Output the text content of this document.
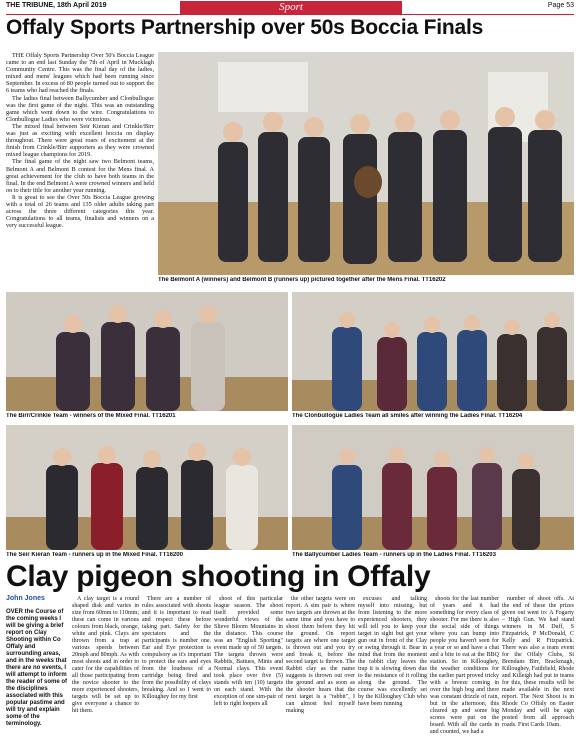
THE TRIBUNE, 18th April 2019	Sport	Page 53
Offaly Sports Partnership over 50s Boccia Finals

THE Offaly Sports Partnership Over 50's Boccia League came to an end last Sunday the 7th of April in Mucklagh Community Centre. This was the final day of the ladies, mixed and mens' leagues which had been running since September. In excess of 80 people turned out to support the 6 teams who had reached the finals.

The ladies final between Ballycumber and Clonbullogue was the first game of the night. This was an outstanding game which went down to the wire. Congratulations to Clonbullogue Ladies who were victorious.

The mixed final between Seir Kieran and Crinkle/Birr was just as exciting with excellent boccia on display throughout. There were great roars of excitement at the finish from Crinkle/Birr supporters as they were crowned mixed league champions for 2019.

The final game of the night saw two Belmont teams, Belmont A and Belmont B contest for the Mens final. A great achievement for the club to have both teams in the final. In the end Belmont A were crowned winners and held on to their title for another year running.

It is great to see the Over 50s Boccia League growing with a total of 26 teams and 135 older adults taking part across the three different categories this year. Congratulations to all teams, finalists and winners on a very successful league.

The Belmont A (winners) and Belmont B (runners up) pictured together after the Mens Final. TT16202
The Birr/Crinkle Team - winners of the Mixed Final. TT16201	The Clonbullogue Ladies Team all smiles after winning the Ladies Final. TT16204
The Seir Kieran Team - runners up in the Mixed Final. TT16200	The Ballycumber Ladies Team - runners up in the Ladies Final. TT16203
Clay pigeon shooting in Offaly
John Jones
OVER the Course of the coming weeks I will be giving a brief report on Clay Shooting within Co Offaly and surrounding areas, and in the weeks that there are no events, I will attempt to inform the reader of some of the disciplines associated with this popular pastime and will try and explain some of the terminology.

A clay target is a round shaped disk and varies in size from 60mm to 110mm; these can come in various colours from black, orange, white and pink. Clays are thrown from a trap at various speeds between 20mph and 80mph. As with most shoots and in order to cater for the capabilities of all those participating from the novice shooter to the more experienced shooters, targets will be set up to give everyone a chance to hit them.

There are a number of rules associated with shoots and it is important to read and respect these before taking part. Safety for the spectators and the participants is number one. Ear and Eye protection is compulsory as it's important to protect the ears and eyes from the loudness of a cartridge being fired and from the possibility of clays breaking. And so I went to Killoughey for my first

shoot of this particular league season. The shoot itself provided some wonderful views of the Slieve Bloom Mountains in the distance. This course was an "English Sporting" event made up of 50 targets. The targets thrown were Rabbits, Battues, Minis and Normal clays. This event took place over five (5) stands with ten (10) targets on each stand. With the exception of one sim-pair of left to right loopers all

the other targets were on report. A sim pair is where two targets are thrown at the same time and you have to shoot them before they hit the ground. On report targets are where one target is thrown out and you try and break it, before the second target is thrown. The Rabbit clay as the name suggests is thrown out over the ground and as soon as the shooter hears that the next target is a "rabbit", I can almost feel myself making

excuses and talking myself into missing, but from listening to the more experienced shooters, they will tell you to keep your target in sight but get your gun out in front of the Clay or swing through it. Bear in mind that from the moment the rabbit clay leaves the trap it is slowing down due to the resistance of it rolling along the ground. The course was excellently set by the Killoughey Club who have been running

shoots for the last number of years and it had something for every class of shooter. For me there is also the social side of things where you can bump into people you haven't seen for a year or so and have a chat and a bite to eat at the BBQ station. So in Killoughey, the weather conditions for the earlier part proved tricky with a breeze coming in over the high bog and there was constant drizzle of rain, but in the afternoon, this cleared up and some big scores were put on the board. With all the cards in and counted, we had a

number of shoot offs. At the end of these the prizes given out went to: A Fogarty – High Gun. We had stand winners in M Duff, S Fitzpatrick, P McDonald, C Kelly and R Fitzpatrick. There was also a team event for the Offaly Clubs, St Brendans Birr, Brackmagh, Killoughey, Faithfield, Rhode and Killeigh had put in teams for this, these results will be made available in the next report. The Next Shoot is in Rhode Co Offaly on Easter Monday and will be sign posted from all approach roads. First Cards 10am.
